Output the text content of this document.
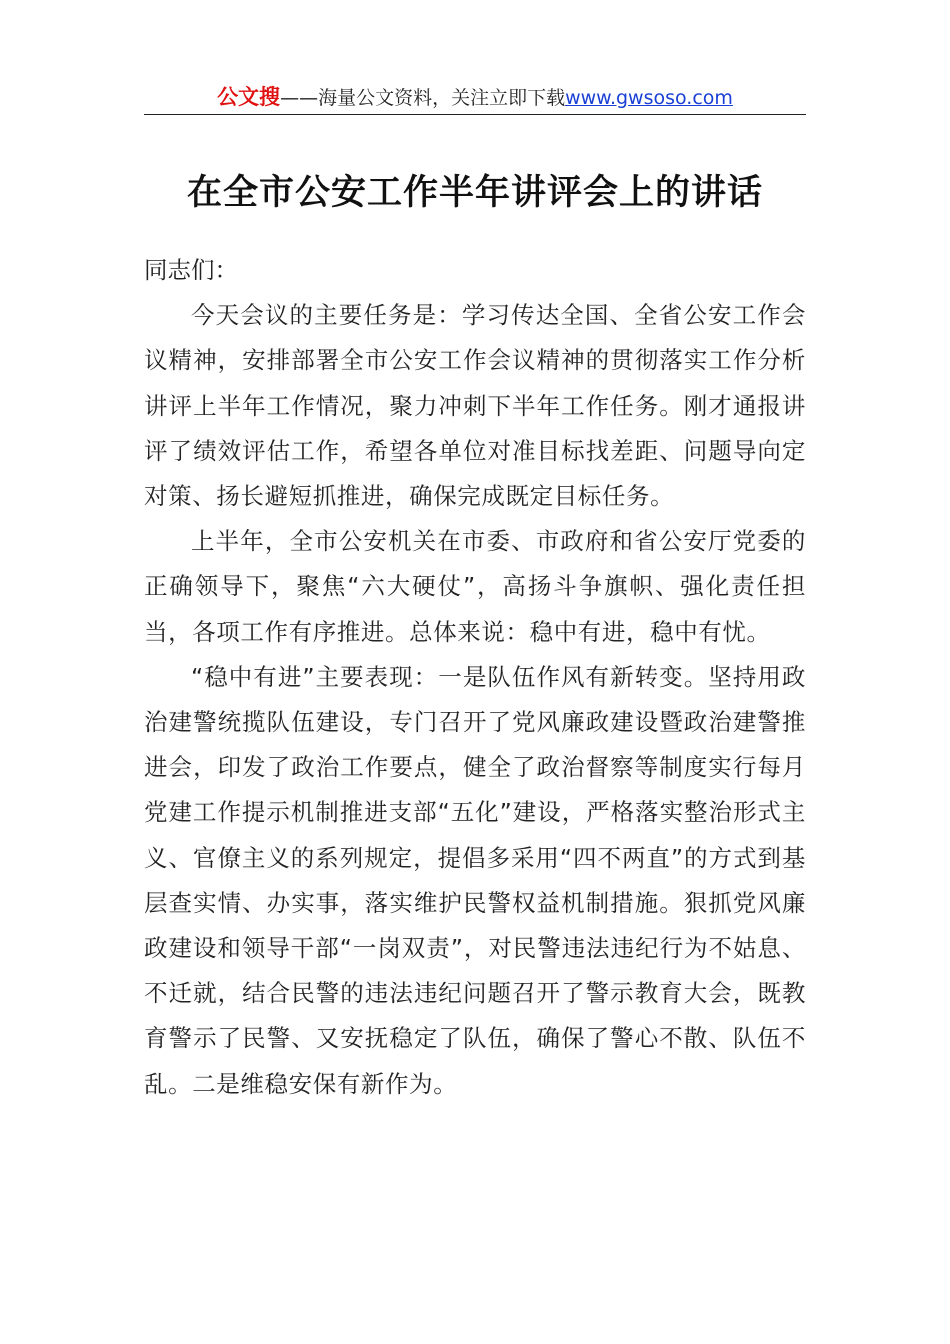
公文搜——海量公文资料，关注立即下载www.gwsoso.com
在全市公安工作半年讲评会上的讲话

同志们：

今天会议的主要任务是：学习传达全国、全省公安工作会议精神，安排部署全市公安工作会议精神的贯彻落实工作分析讲评上半年工作情况，聚力冲刺下半年工作任务。刚才通报讲评了绩效评估工作，希望各单位对准目标找差距、问题导向定对策、扬长避短抓推进，确保完成既定目标任务。

上半年，全市公安机关在市委、市政府和省公安厅党委的正确领导下，聚焦“六大硬仗”，高扬斗争旗帜、强化责任担当，各项工作有序推进。总体来说：稳中有进，稳中有忧。

“稳中有进”主要表现：一是队伍作风有新转变。坚持用政治建警统揽队伍建设，专门召开了党风廉政建设暨政治建警推进会，印发了政治工作要点，健全了政治督察等制度实行每月党建工作提示机制推进支部“五化”建设，严格落实整治形式主义、官僚主义的系列规定，提倡多采用“四不两直”的方式到基层查实情、办实事，落实维护民警权益机制措施。狠抓党风廉政建设和领导干部“一岗双责”，对民警违法违纪行为不姑息、不迁就，结合民警的违法违纪问题召开了警示教育大会，既教育警示了民警、又安抚稳定了队伍，确保了警心不散、队伍不乱。二是维稳安保有新作为。
